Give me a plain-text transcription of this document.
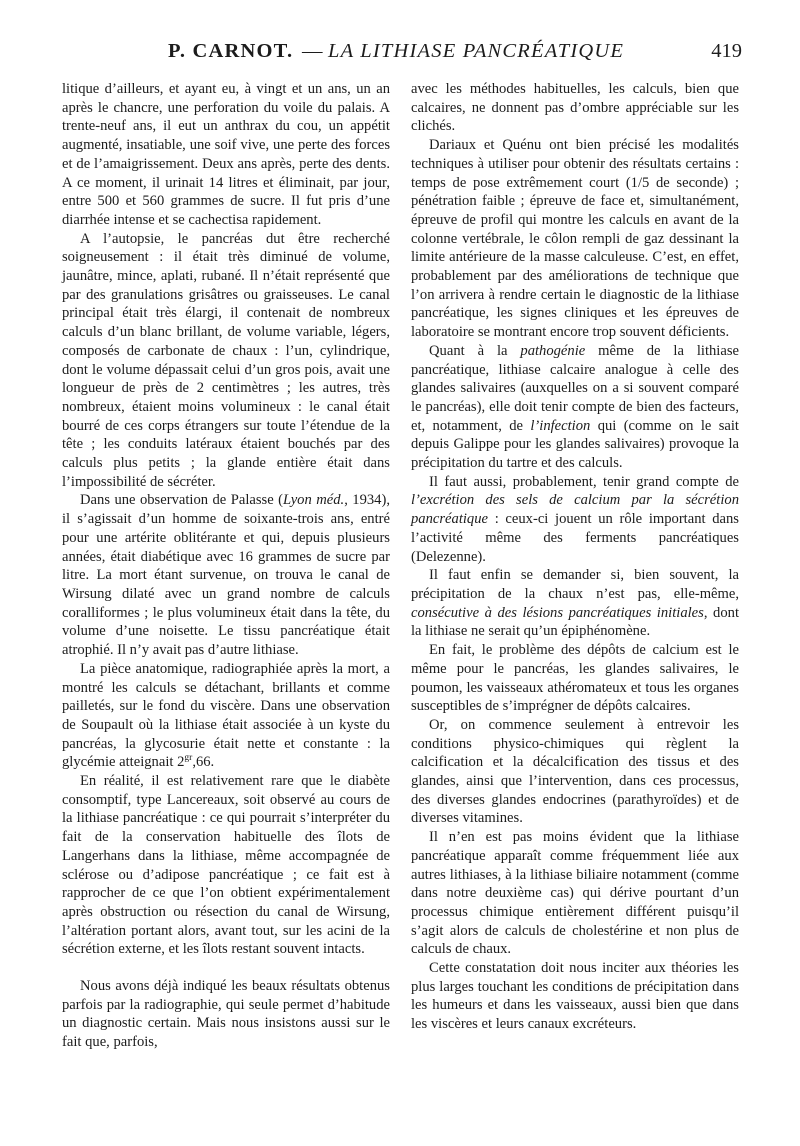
P. CARNOT. — LA LITHIASE PANCRÉATIQUE	419

litique d’ailleurs, et ayant eu, à vingt et un ans, un an après le chancre, une perforation du voile du palais. A trente-neuf ans, il eut un anthrax du cou, un appétit augmenté, insatiable, une soif vive, une perte des forces et de l’amaigrissement. Deux ans après, perte des dents. A ce moment, il urinait 14 litres et éliminait, par jour, entre 500 et 560 grammes de sucre. Il fut pris d’une diarrhée intense et se cachectisa rapidement.

A l’autopsie, le pancréas dut être recherché soigneusement : il était très diminué de volume, jaunâtre, mince, aplati, rubané. Il n’était représenté que par des granulations grisâtres ou graisseuses. Le canal principal était très élargi, il contenait de nombreux calculs d’un blanc brillant, de volume variable, légers, composés de carbonate de chaux : l’un, cylindrique, dont le volume dépassait celui d’un gros pois, avait une longueur de près de 2 centimètres ; les autres, très nombreux, étaient moins volumineux : le canal était bourré de ces corps étrangers sur toute l’étendue de la tête ; les conduits latéraux étaient bouchés par des calculs plus petits ; la glande entière était dans l’impossibilité de sécréter.

Dans une observation de Palasse (Lyon méd., 1934), il s’agissait d’un homme de soixante-trois ans, entré pour une artérite oblitérante et qui, depuis plusieurs années, était diabétique avec 16 grammes de sucre par litre. La mort étant survenue, on trouva le canal de Wirsung dilaté avec un grand nombre de calculs coralliformes ; le plus volumineux était dans la tête, du volume d’une noisette. Le tissu pancréatique était atrophié. Il n’y avait pas d’autre lithiase.

La pièce anatomique, radiographiée après la mort, a montré les calculs se détachant, brillants et comme pailletés, sur le fond du viscère. Dans une observation de Soupault où la lithiase était associée à un kyste du pancréas, la glycosurie était nette et constante : la glycémie atteignait $2^{gr},66$.

En réalité, il est relativement rare que le diabète consomptif, type Lancereaux, soit observé au cours de la lithiase pancréatique : ce qui pourrait s’interpréter du fait de la conservation habituelle des îlots de Langerhans dans la lithiase, même accompagnée de sclérose ou d’adipose pancréatique ; ce fait est à rapprocher de ce que l’on obtient expérimentalement après obstruction ou résection du canal de Wirsung, l’altération portant alors, avant tout, sur les acini de la sécrétion externe, et les îlots restant souvent intacts.

Nous avons déjà indiqué les beaux résultats obtenus parfois par la radiographie, qui seule permet d’habitude un diagnostic certain. Mais nous insistons aussi sur le fait que, parfois,

avec les méthodes habituelles, les calculs, bien que calcaires, ne donnent pas d’ombre appréciable sur les clichés.

Dariaux et Quénu ont bien précisé les modalités techniques à utiliser pour obtenir des résultats certains : temps de pose extrêmement court (1/5 de seconde) ; pénétration faible ; épreuve de face et, simultanément, épreuve de profil qui montre les calculs en avant de la colonne vertébrale, le côlon rempli de gaz dessinant la limite antérieure de la masse calculeuse. C’est, en effet, probablement par des améliorations de technique que l’on arrivera à rendre certain le diagnostic de la lithiase pancréatique, les signes cliniques et les épreuves de laboratoire se montrant encore trop souvent déficients.

Quant à la pathogénie même de la lithiase pancréatique, lithiase calcaire analogue à celle des glandes salivaires (auxquelles on a si souvent comparé le pancréas), elle doit tenir compte de bien des facteurs, et, notamment, de l’infection qui (comme on le sait depuis Galippe pour les glandes salivaires) provoque la précipitation du tartre et des calculs.

Il faut aussi, probablement, tenir grand compte de l’excrétion des sels de calcium par la sécrétion pancréatique : ceux-ci jouent un rôle important dans l’activité même des ferments pancréatiques (Delezenne).

Il faut enfin se demander si, bien souvent, la précipitation de la chaux n’est pas, elle-même, consécutive à des lésions pancréatiques initiales, dont la lithiase ne serait qu’un épiphénomène.

En fait, le problème des dépôts de calcium est le même pour le pancréas, les glandes salivaires, le poumon, les vaisseaux athéromateux et tous les organes susceptibles de s’imprégner de dépôts calcaires.

Or, on commence seulement à entrevoir les conditions physico-chimiques qui règlent la calcification et la décalcification des tissus et des glandes, ainsi que l’intervention, dans ces processus, des diverses glandes endocrines (parathyroïdes) et de diverses vitamines.

Il n’en est pas moins évident que la lithiase pancréatique apparaît comme fréquemment liée aux autres lithiases, à la lithiase biliaire notamment (comme dans notre deuxième cas) qui dérive pourtant d’un processus chimique entièrement différent puisqu’il s’agit alors de calculs de cholestérine et non plus de calculs de chaux.

Cette constatation doit nous inciter aux théories les plus larges touchant les conditions de précipitation dans les humeurs et dans les vaisseaux, aussi bien que dans les viscères et leurs canaux excréteurs.
